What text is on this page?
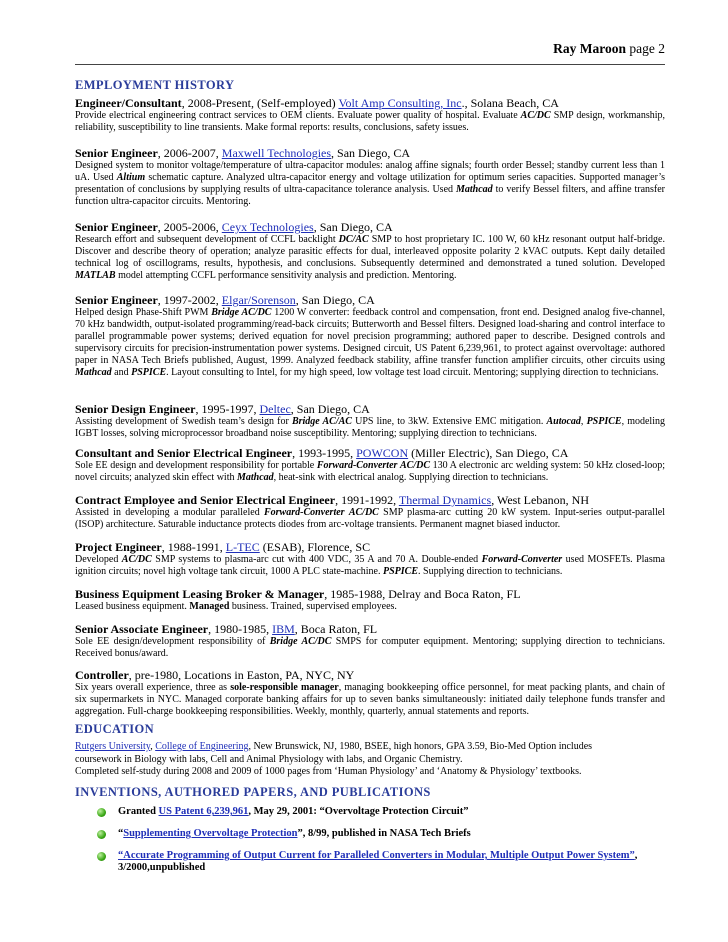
Ray Maroon page 2
EMPLOYMENT HISTORY
Engineer/Consultant, 2008-Present, (Self-employed) Volt Amp Consulting, Inc., Solana Beach, CA

Provide electrical engineering contract services to OEM clients. Evaluate power quality of hospital. Evaluate AC/DC SMP design, workmanship, reliability, susceptibility to line transients. Make formal reports: results, conclusions, safety issues.

Senior Engineer, 2006-2007, Maxwell Technologies, San Diego, CA

Designed system to monitor voltage/temperature of ultra-capacitor modules: analog affine signals; fourth order Bessel; standby current less than 1 uA. Used Altium schematic capture. Analyzed ultra-capacitor energy and voltage utilization for optimum series capacities. Supported manager’s presentation of conclusions by supplying results of ultra-capacitance tolerance analysis. Used Mathcad to verify Bessel filters, and affine transfer function ultra-capacitor circuits. Mentoring.

Senior Engineer, 2005-2006, Ceyx Technologies, San Diego, CA

Research effort and subsequent development of CCFL backlight DC/AC SMP to host proprietary IC. 100 W, 60 kHz resonant output half-bridge. Discover and describe theory of operation; analyze parasitic effects for dual, interleaved opposite polarity 2 kVAC outputs. Kept daily detailed technical log of oscillograms, results, hypothesis, and conclusions. Subsequently determined and demonstrated a tuned solution. Developed MATLAB model attempting CCFL performance sensitivity analysis and prediction. Mentoring.

Senior Engineer, 1997-2002, Elgar/Sorenson, San Diego, CA

Helped design Phase-Shift PWM Bridge AC/DC 1200 W converter: feedback control and compensation, front end. Designed analog five-channel, 70 kHz bandwidth, output-isolated programming/read-back circuits; Butterworth and Bessel filters. Designed load-sharing and control interface to parallel programmable power systems; derived equation for novel precision programming; authored paper to describe. Designed controls and supervisory circuits for precision-instrumentation power systems. Designed circuit, US Patent 6,239,961, to protect against overvoltage: authored paper in NASA Tech Briefs published, August, 1999. Analyzed feedback stability, affine transfer function amplifier circuits, other circuits using Mathcad and PSPICE. Layout consulting to Intel, for my high speed, low voltage test load circuit. Mentoring; supplying direction to technicians.

Senior Design Engineer, 1995-1997, Deltec, San Diego, CA

Assisting development of Swedish team’s design for Bridge AC/AC UPS line, to 3kW. Extensive EMC mitigation. Autocad, PSPICE, modeling IGBT losses, solving microprocessor broadband noise susceptibility. Mentoring; supplying direction to technicians.

Consultant and Senior Electrical Engineer, 1993-1995, POWCON (Miller Electric), San Diego, CA

Sole EE design and development responsibility for portable Forward-Converter AC/DC 130 A electronic arc welding system: 50 kHz closed-loop; novel circuits; analyzed skin effect with Mathcad, heat-sink with electrical analog. Supplying direction to technicians.

Contract Employee and Senior Electrical Engineer, 1991-1992, Thermal Dynamics, West Lebanon, NH

Assisted in developing a modular paralleled Forward-Converter AC/DC SMP plasma-arc cutting 20 kW system. Input-series output-parallel (ISOP) architecture. Saturable inductance protects diodes from arc-voltage transients. Permanent magnet biased inductor.

Project Engineer, 1988-1991, L-TEC (ESAB), Florence, SC

Developed AC/DC SMP systems to plasma-arc cut with 400 VDC, 35 A and 70 A. Double-ended Forward-Converter used MOSFETs. Plasma ignition circuits; novel high voltage tank circuit, 1000 A PLC state-machine. PSPICE. Supplying direction to technicians.

Business Equipment Leasing Broker & Manager, 1985-1988, Delray and Boca Raton, FL

Leased business equipment. Managed business. Trained, supervised employees.

Senior Associate Engineer, 1980-1985, IBM, Boca Raton, FL

Sole EE design/development responsibility of Bridge AC/DC SMPS for computer equipment. Mentoring; supplying direction to technicians. Received bonus/award.

Controller, pre-1980, Locations in Easton, PA, NYC, NY

Six years overall experience, three as sole-responsible manager, managing bookkeeping office personnel, for meat packing plants, and chain of six supermarkets in NYC. Managed corporate banking affairs for up to seven banks simultaneously: initiated daily telephone funds transfer and aggregation. Full-charge bookkeeping responsibilities. Weekly, monthly, quarterly, annual statements and reports.

EDUCATION
Rutgers University, College of Engineering, New Brunswick, NJ, 1980, BSEE, high honors, GPA 3.59, Bio-Med Option includes
coursework in Biology with labs, Cell and Animal Physiology with labs, and Organic Chemistry.
Completed self-study during 2008 and 2009 of 1000 pages from ‘Human Physiology’ and ‘Anatomy & Physiology’ textbooks.
INVENTIONS, AUTHORED PAPERS, AND PUBLICATIONS
Granted US Patent 6,239,961, May 29, 2001: “Overvoltage Protection Circuit”
“Supplementing Overvoltage Protection”, 8/99, published in NASA Tech Briefs
“Accurate Programming of Output Current for Paralleled Converters in Modular, Multiple Output Power System”,
3/2000,unpublished
